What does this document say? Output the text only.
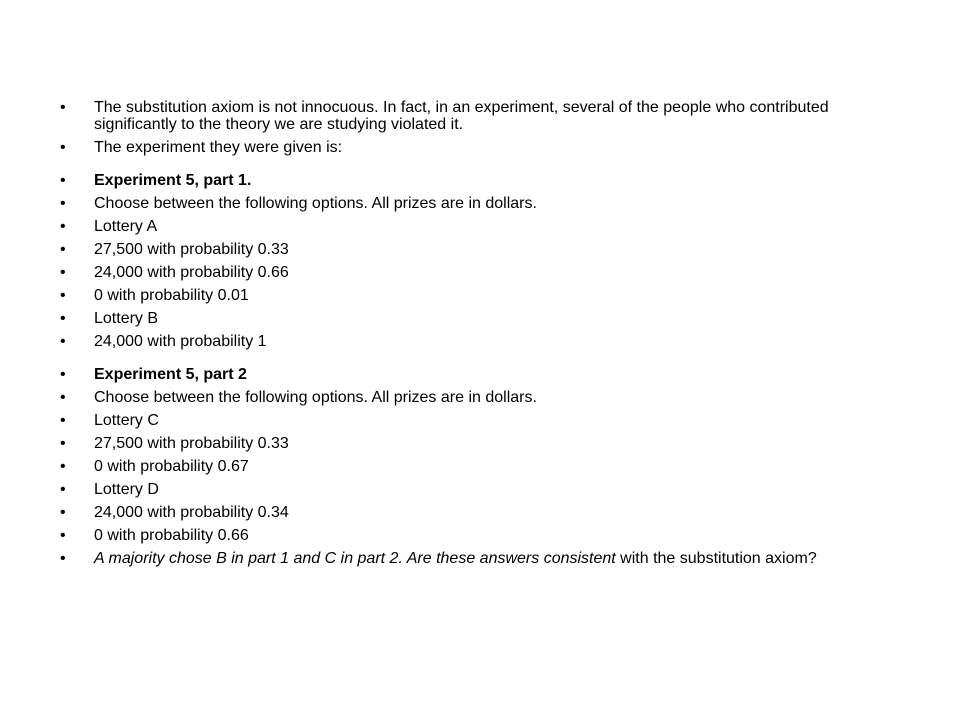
• The substitution axiom is not innocuous. In fact, in an experiment, several of the people who contributed significantly to the theory we are studying violated it.
• The experiment they were given is:
• Experiment 5, part 1.
• Choose between the following options. All prizes are in dollars.
• Lottery A
• 27,500 with probability 0.33
• 24,000 with probability 0.66
• 0 with probability 0.01
• Lottery B
• 24,000 with probability 1
• Experiment 5, part 2
• Choose between the following options. All prizes are in dollars.
• Lottery C
• 27,500 with probability 0.33
• 0 with probability 0.67
• Lottery D
• 24,000 with probability 0.34
• 0 with probability 0.66
• A majority chose B in part 1 and C in part 2. Are these answers consistent with the substitution axiom?
